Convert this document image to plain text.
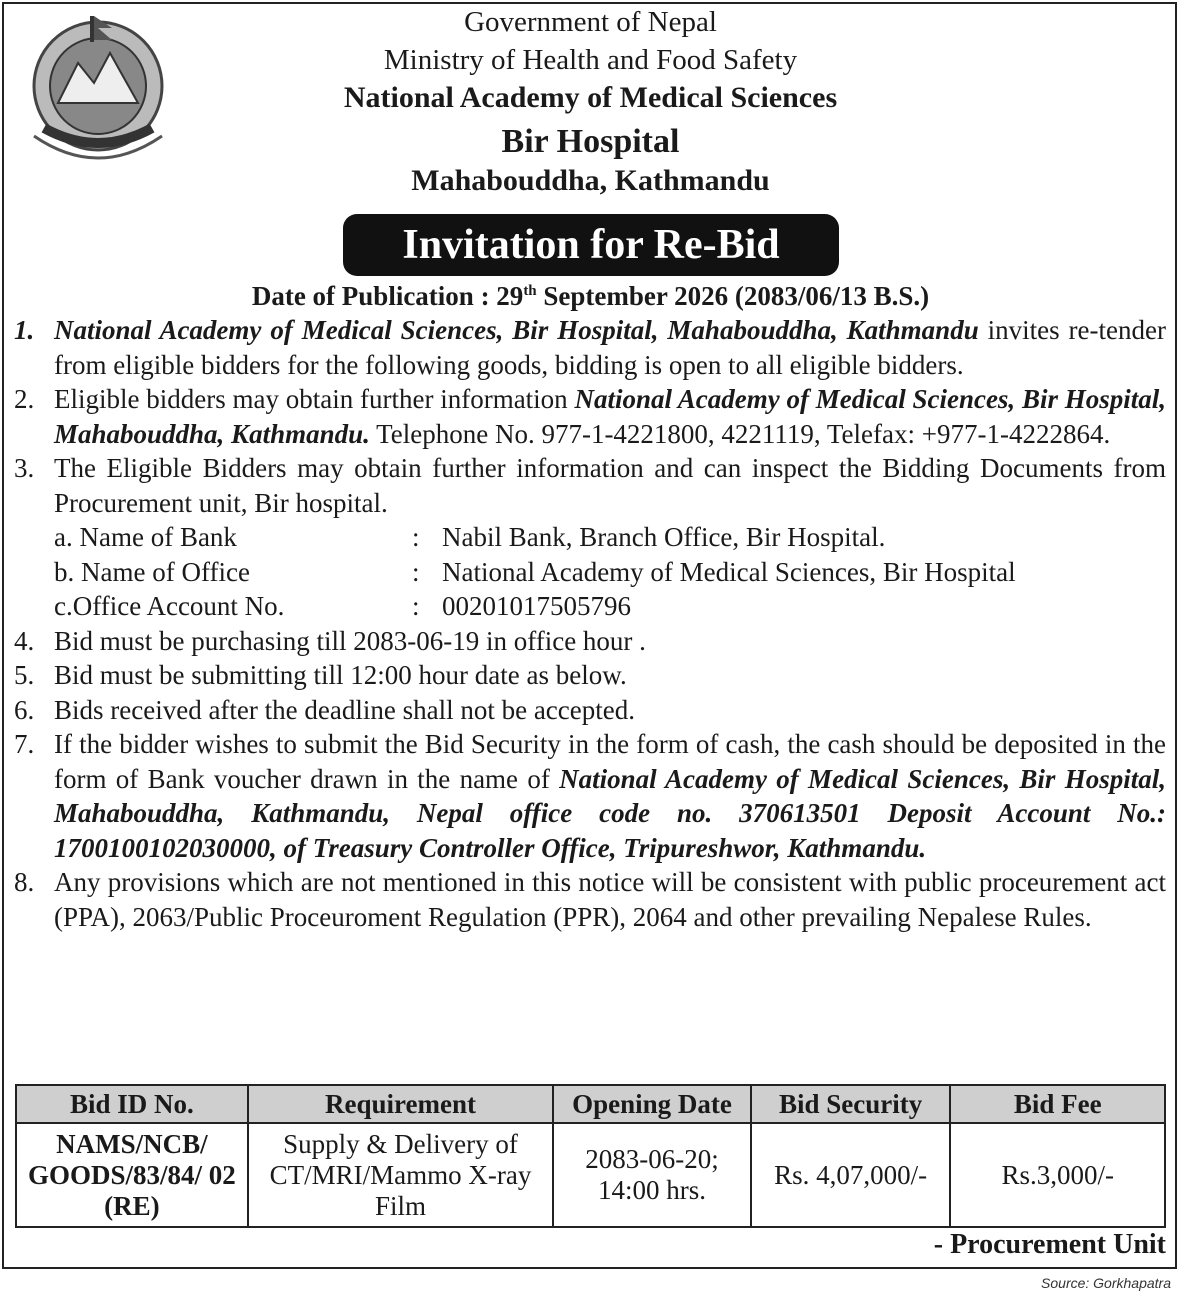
Government of Nepal
Ministry of Health and Food Safety
National Academy of Medical Sciences
Bir Hospital
Mahabouddha, Kathmandu
Invitation for Re-Bid
Date of Publication : 29th September 2026 (2083/06/13 B.S.)
1. National Academy of Medical Sciences, Bir Hospital, Mahabouddha, Kathmandu invites re-tender from eligible bidders for the following goods, bidding is open to all eligible bidders.
2. Eligible bidders may obtain further information National Academy of Medical Sciences, Bir Hospital, Mahabouddha, Kathmandu. Telephone No. 977-1-4221800, 4221119, Telefax: +977-1-4222864.
3. The Eligible Bidders may obtain further information and can inspect the Bidding Documents from Procurement unit, Bir hospital.
a. Name of Bank	: Nabil Bank, Branch Office, Bir Hospital.
b. Name of Office	: National Academy of Medical Sciences, Bir Hospital
c.Office Account No.	: 00201017505796
4. Bid must be purchasing till 2083-06-19 in office hour .
5. Bid must be submitting till 12:00 hour date as below.
6. Bids received after the deadline shall not be accepted.
7. If the bidder wishes to submit the Bid Security in the form of cash, the cash should be deposited in the form of Bank voucher drawn in the name of National Academy of Medical Sciences, Bir Hospital, Mahabouddha, Kathmandu, Nepal office code no. 370613501 Deposit Account No.: 1700100102030000, of Treasury Controller Office, Tripureshwor, Kathmandu.
8. Any provisions which are not mentioned in this notice will be consistent with public proceurement act (PPA), 2063/Public Proceuroment Regulation (PPR), 2064 and other prevailing Nepalese Rules.
Bid ID No.	Requirement	Opening Date	Bid Security	Bid Fee
NAMS/NCB/ GOODS/83/84/ 02 (RE)	Supply & Delivery of CT/MRI/Mammo X-ray Film	2083-06-20; 14:00 hrs.	Rs. 4,07,000/-	Rs.3,000/-
- Procurement Unit
Source: Gorkhapatra
